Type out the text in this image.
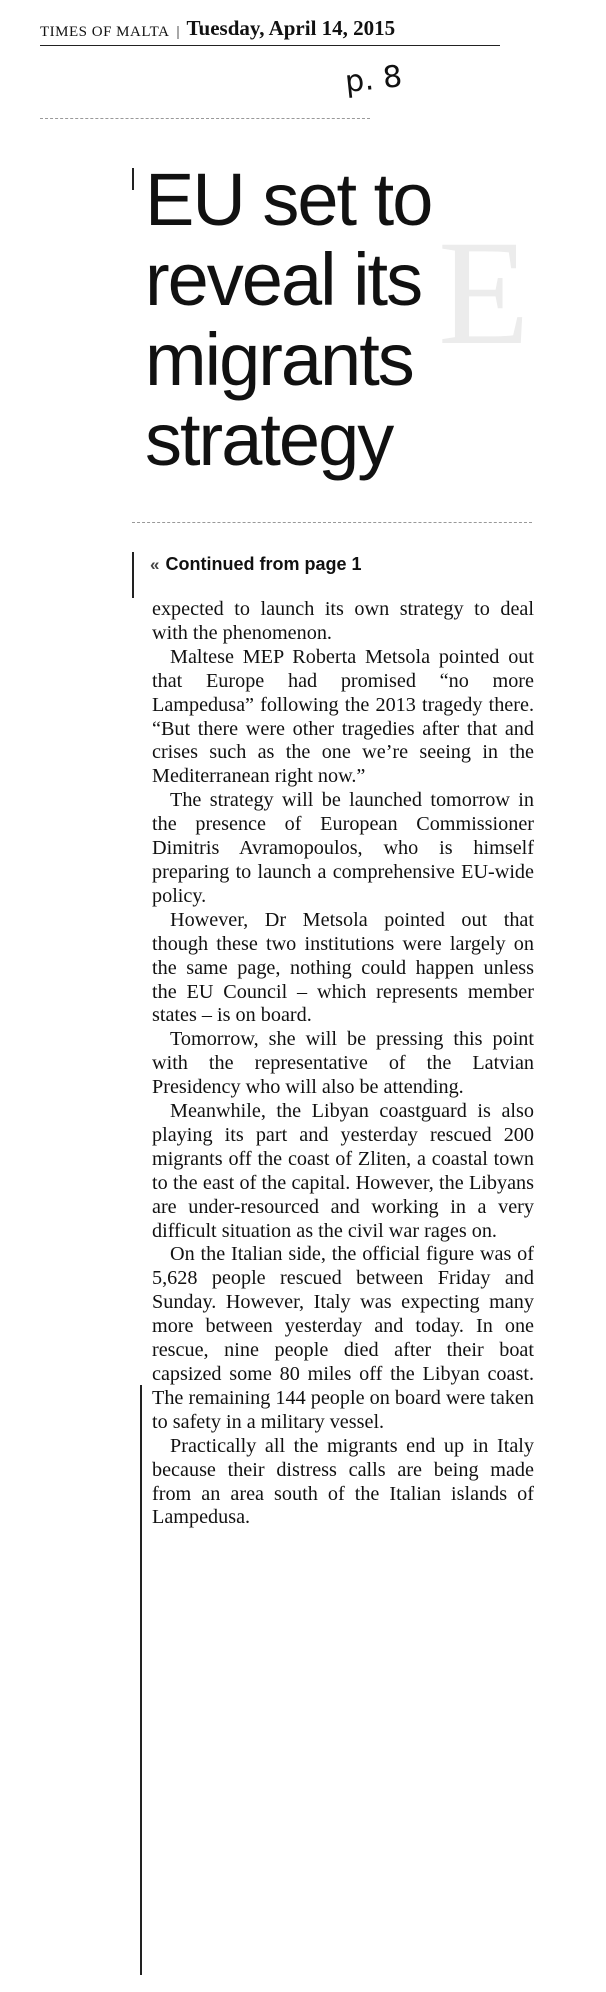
TIMES OF MALTA | Tuesday, April 14, 2015
p. 8
E
EU set to reveal its migrants strategy
« Continued from page 1

expected to launch its own strategy to deal with the phenomenon.

Maltese MEP Roberta Metsola pointed out that Europe had promised “no more Lampedusa” following the 2013 tragedy there. “But there were other tragedies after that and crises such as the one we’re seeing in the Mediterranean right now.”

The strategy will be launched tomorrow in the presence of European Commissioner Dimitris Avramopoulos, who is himself preparing to launch a comprehensive EU-wide policy.

However, Dr Metsola pointed out that though these two institutions were largely on the same page, nothing could happen unless the EU Council – which represents member states – is on board.

Tomorrow, she will be pressing this point with the representative of the Latvian Presidency who will also be attending.

Meanwhile, the Libyan coastguard is also playing its part and yesterday rescued 200 migrants off the coast of Zliten, a coastal town to the east of the capital. However, the Libyans are under-resourced and working in a very difficult situation as the civil war rages on.

On the Italian side, the official figure was of 5,628 people rescued between Friday and Sunday. However, Italy was expecting many more between yesterday and today. In one rescue, nine people died after their boat capsized some 80 miles off the Libyan coast. The remaining 144 people on board were taken to safety in a military vessel.

Practically all the migrants end up in Italy because their distress calls are being made from an area south of the Italian islands of Lampedusa.
